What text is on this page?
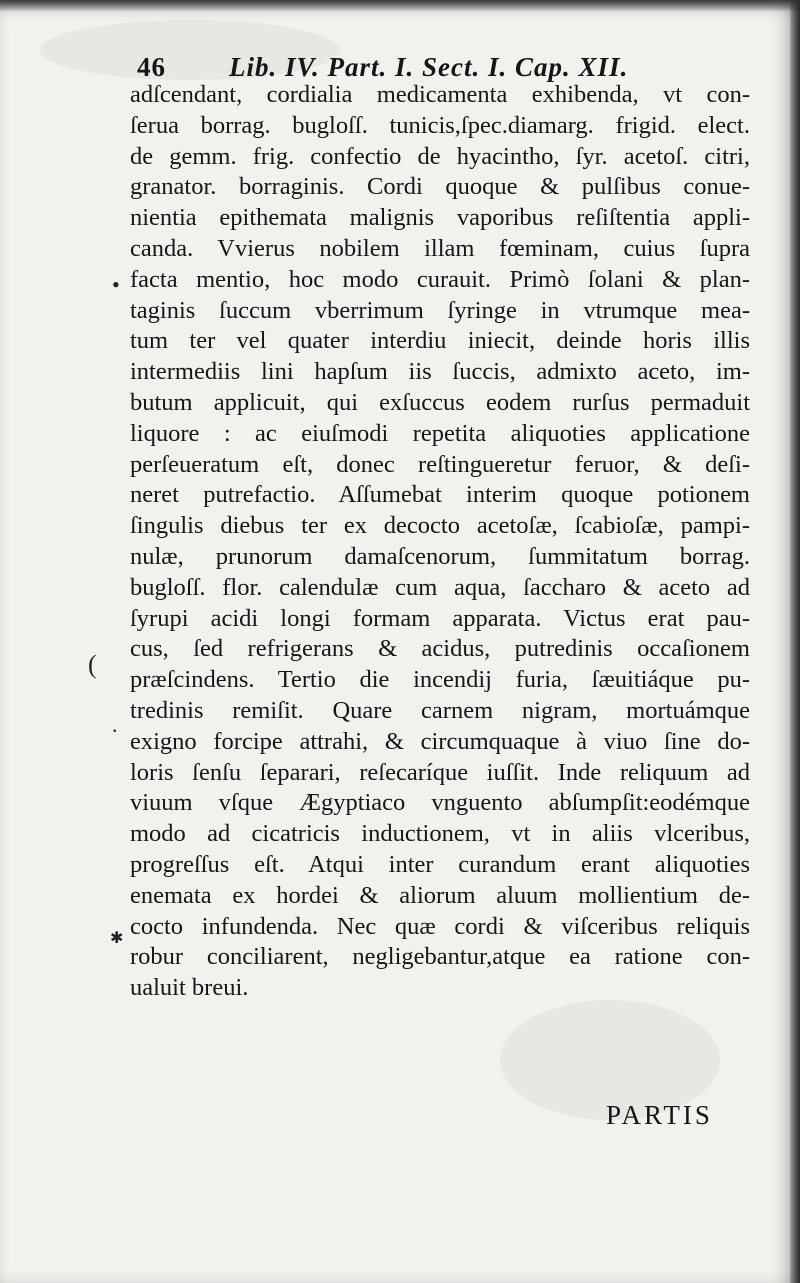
46 Lib. IV. Part. I. Sect. I. Cap. XII.
•
(
.
✱
adſcendant, cordialia medicamenta exhibenda, vt con-
ſerua borrag. bugloſſ. tunicis,ſpec.diamarg. frigid. elect.
de gemm. frig. confectio de hyacintho, ſyr. acetoſ. citri,
granator. borraginis. Cordi quoque & pulſibus conue-
nientia epithemata malignis vaporibus reſiſtentia appli-
canda. Vvierus nobilem illam fœminam, cuius ſupra
facta mentio, hoc modo curauit. Primò ſolani & plan-
taginis ſuccum vberrimum ſyringe in vtrumque mea-
tum ter vel quater interdiu iniecit, deinde horis illis
intermediis lini hapſum iis ſuccis, admixto aceto, im-
butum applicuit, qui exſuccus eodem rurſus permaduit
liquore : ac eiuſmodi repetita aliquoties applicatione
perſeueratum eſt, donec reſtingueretur feruor, & deſi-
neret putrefactio. Aſſumebat interim quoque potionem
ſingulis diebus ter ex decocto acetoſæ, ſcabioſæ, pampi-
nulæ, prunorum damaſcenorum, ſummitatum borrag.
bugloſſ. flor. calendulæ cum aqua, ſaccharo & aceto ad
ſyrupi acidi longi formam apparata. Victus erat pau-
cus, ſed refrigerans & acidus, putredinis occaſionem
præſcindens. Tertio die incendij furia, ſæuitiáque pu-
tredinis remiſit. Quare carnem nigram, mortuámque
exigno forcipe attrahi, & circumquaque à viuo ſine do-
loris ſenſu ſeparari, reſecaríque iuſſit. Inde reliquum ad
viuum vſque Ægyptiaco vnguento abſumpſit:eodémque
modo ad cicatricis inductionem, vt in aliis vlceribus,
progreſſus eſt. Atqui inter curandum erant aliquoties
enemata ex hordei & aliorum aluum mollientium de-
cocto infundenda. Nec quæ cordi & viſceribus reliquis
robur conciliarent, negligebantur,atque ea ratione con-
ualuit breui.
PARTIS
